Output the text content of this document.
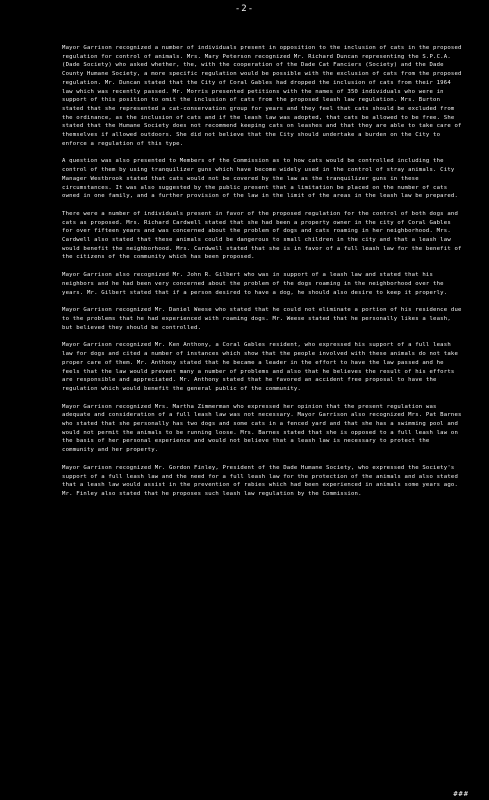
-2-

Mayor Garrison recognized a number of individuals present in opposition to the inclusion of cats in the proposed regulation for control of animals. Mrs. Mary Peterson recognized Mr. Richard Duncan representing the S.P.C.A. (Dade Society) who asked whether, the, with the cooperation of the Dade Cat Fanciers (Society) and the Dade County Humane Society, a more specific regulation would be possible with the exclusion of cats from the proposed regulation. Mr. Duncan stated that the City of Coral Gables had dropped the inclusion of cats from their 1964 law which was recently passed. Mr. Morris presented petitions with the names of 350 individuals who were in support of this position to omit the inclusion of cats from the proposed leash law regulation. Mrs. Burton stated that she represented a cat-conservation group for years and they feel that cats should be excluded from the ordinance, as the inclusion of cats and if the leash law was adopted, that cats be allowed to be free. She stated that the Humane Society does not recommend keeping cats on leashes and that they are able to take care of themselves if allowed outdoors. She did not believe that the City should undertake a burden on the City to enforce a regulation of this type.

A question was also presented to Members of the Commission as to how cats would be controlled including the control of them by using tranquilizer guns which have become widely used in the control of stray animals. City Manager Westbrook stated that cats would not be covered by the law as the tranquilizer guns in these circumstances. It was also suggested by the public present that a limitation be placed on the number of cats owned in one family, and a further provision of the law in the limit of the areas in the leash law be prepared.

There were a number of individuals present in favor of the proposed regulation for the control of both dogs and cats as proposed. Mrs. Richard Cardwell stated that she had been a property owner in the city of Coral Gables for over fifteen years and was concerned about the problem of dogs and cats roaming in her neighborhood. Mrs. Cardwell also stated that these animals could be dangerous to small children in the city and that a leash law would benefit the neighborhood. Mrs. Cardwell stated that she is in favor of a full leash law for the benefit of the citizens of the community which has been proposed.

Mayor Garrison also recognized Mr. John R. Gilbert who was in support of a leash law and stated that his neighbors and he had been very concerned about the problem of the dogs roaming in the neighborhood over the years. Mr. Gilbert stated that if a person desired to have a dog, he should also desire to keep it properly.

Mayor Garrison recognized Mr. Daniel Weese who stated that he could not eliminate a portion of his residence due to the problems that he had experienced with roaming dogs. Mr. Weese stated that he personally likes a leash, but believed they should be controlled.

Mayor Garrison recognized Mr. Ken Anthony, a Coral Gables resident, who expressed his support of a full leash law for dogs and cited a number of instances which show that the people involved with these animals do not take proper care of them. Mr. Anthony stated that he became a leader in the effort to have the law passed and he feels that the law would prevent many a number of problems and also that he believes the result of his efforts are responsible and appreciated. Mr. Anthony stated that he favored an accident free proposal to have the regulation which would benefit the general public of the community.

Mayor Garrison recognized Mrs. Martha Zimmerman who expressed her opinion that the present regulation was adequate and consideration of a full leash law was not necessary. Mayor Garrison also recognized Mrs. Pat Barnes who stated that she personally has two dogs and some cats in a fenced yard and that she has a swimming pool and would not permit the animals to be running loose. Mrs. Barnes stated that she is opposed to a full leash law on the basis of her personal experience and would not believe that a leash law is necessary to protect the community and her property.

Mayor Garrison recognized Mr. Gordon Finley, President of the Dade Humane Society, who expressed the Society's support of a full leash law and the need for a full leash law for the protection of the animals and also stated that a leash law would assist in the prevention of rabies which had been experienced in animals some years ago. Mr. Finley also stated that he proposes such leash law regulation by the Commission.

###
